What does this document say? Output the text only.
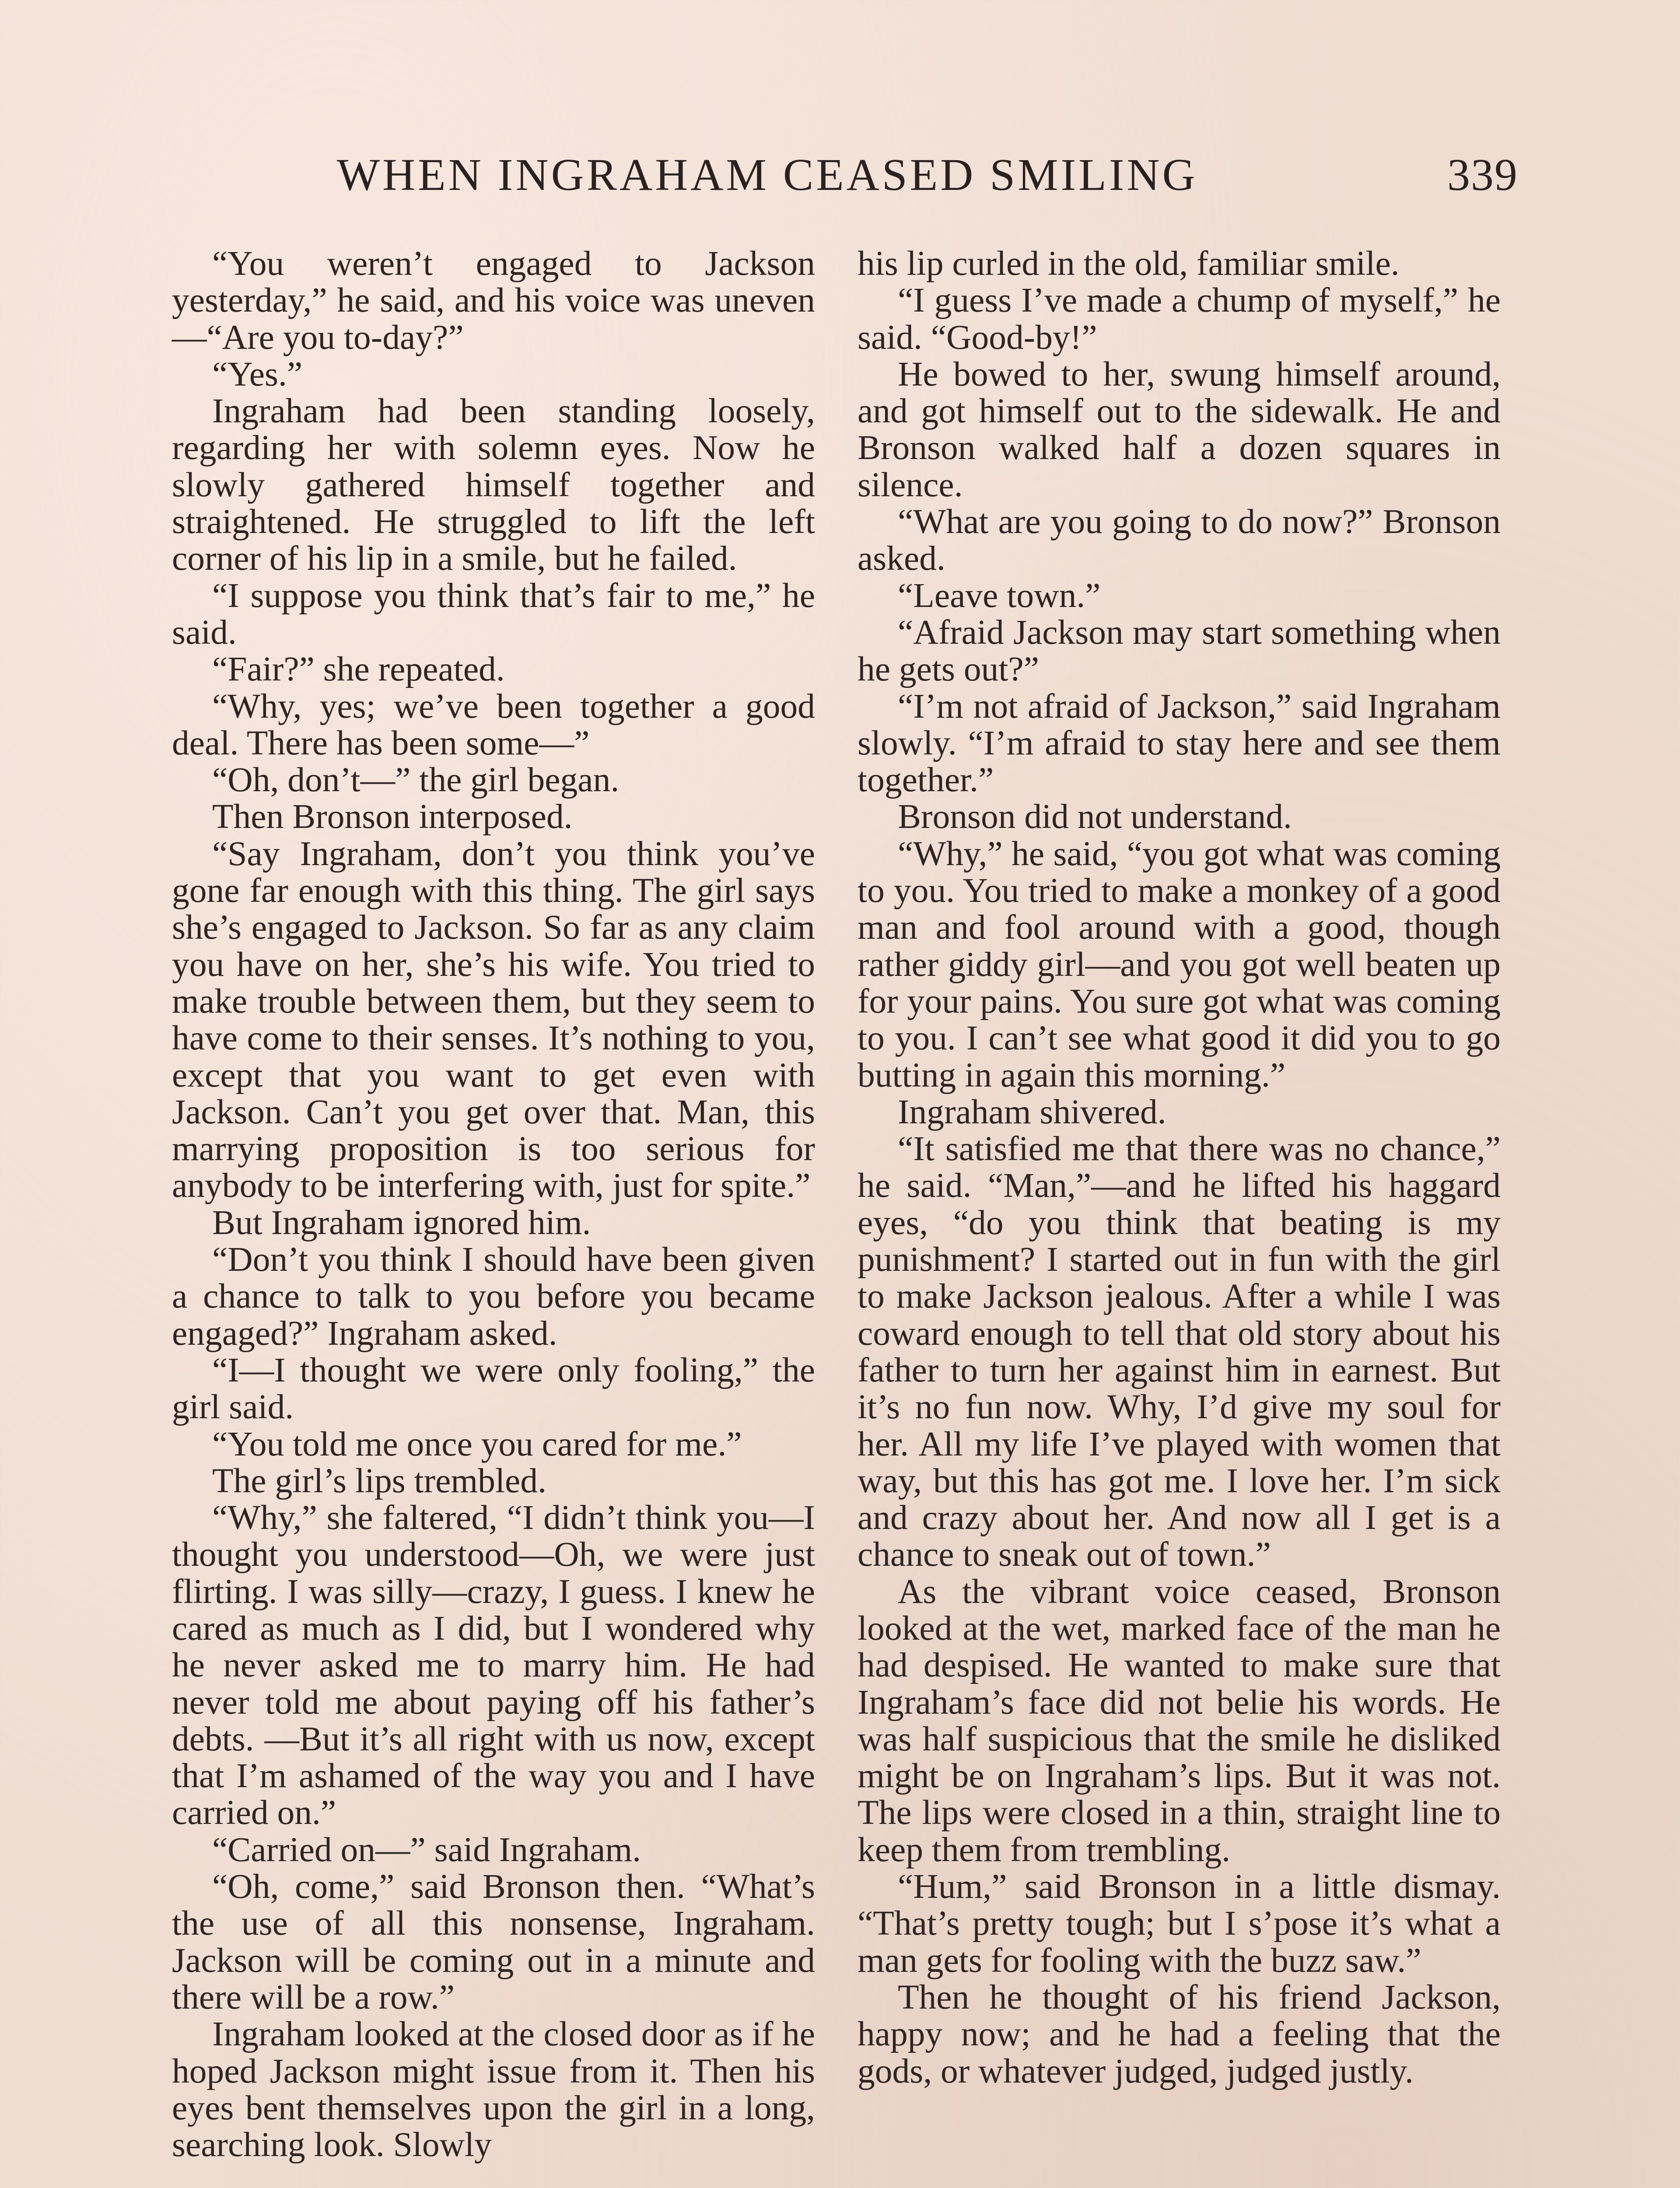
WHEN INGRAHAM CEASED SMILING	339

“You weren’t engaged to Jackson yesterday,” he said, and his voice was uneven—“Are you to-day?”

“Yes.”

Ingraham had been standing loosely, regarding her with solemn eyes. Now he slowly gathered himself together and straightened. He struggled to lift the left corner of his lip in a smile, but he failed.

“I suppose you think that’s fair to me,” he said.

“Fair?” she repeated.

“Why, yes; we’ve been together a good deal. There has been some—”

“Oh, don’t—” the girl began.

Then Bronson interposed.

“Say Ingraham, don’t you think you’ve gone far enough with this thing. The girl says she’s engaged to Jackson. So far as any claim you have on her, she’s his wife. You tried to make trouble between them, but they seem to have come to their senses. It’s nothing to you, except that you want to get even with Jackson. Can’t you get over that. Man, this marrying proposition is too serious for anybody to be interfering with, just for spite.”

But Ingraham ignored him.

“Don’t you think I should have been given a chance to talk to you before you became engaged?” Ingraham asked.

“I—I thought we were only fooling,” the girl said.

“You told me once you cared for me.”

The girl’s lips trembled.

“Why,” she faltered, “I didn’t think you—I thought you understood—Oh, we were just flirting. I was silly—crazy, I guess. I knew he cared as much as I did, but I wondered why he never asked me to marry him. He had never told me about paying off his father’s debts. —But it’s all right with us now, except that I’m ashamed of the way you and I have carried on.”

“Carried on—” said Ingraham.

“Oh, come,” said Bronson then. “What’s the use of all this nonsense, Ingraham. Jackson will be coming out in a minute and there will be a row.”

Ingraham looked at the closed door as if he hoped Jackson might issue from it. Then his eyes bent themselves upon the girl in a long, searching look. Slowly

his lip curled in the old, familiar smile.

“I guess I’ve made a chump of myself,” he said. “Good-by!”

He bowed to her, swung himself around, and got himself out to the sidewalk. He and Bronson walked half a dozen squares in silence.

“What are you going to do now?” Bronson asked.

“Leave town.”

“Afraid Jackson may start something when he gets out?”

“I’m not afraid of Jackson,” said Ingraham slowly. “I’m afraid to stay here and see them together.”

Bronson did not understand.

“Why,” he said, “you got what was coming to you. You tried to make a monkey of a good man and fool around with a good, though rather giddy girl—and you got well beaten up for your pains. You sure got what was coming to you. I can’t see what good it did you to go butting in again this morning.”

Ingraham shivered.

“It satisfied me that there was no chance,” he said. “Man,”—and he lifted his haggard eyes, “do you think that beating is my punishment? I started out in fun with the girl to make Jackson jealous. After a while I was coward enough to tell that old story about his father to turn her against him in earnest. But it’s no fun now. Why, I’d give my soul for her. All my life I’ve played with women that way, but this has got me. I love her. I’m sick and crazy about her. And now all I get is a chance to sneak out of town.”

As the vibrant voice ceased, Bronson looked at the wet, marked face of the man he had despised. He wanted to make sure that Ingraham’s face did not belie his words. He was half suspicious that the smile he disliked might be on Ingraham’s lips. But it was not. The lips were closed in a thin, straight line to keep them from trembling.

“Hum,” said Bronson in a little dismay. “That’s pretty tough; but I s’pose it’s what a man gets for fooling with the buzz saw.”

Then he thought of his friend Jackson, happy now; and he had a feeling that the gods, or whatever judged, judged justly.
